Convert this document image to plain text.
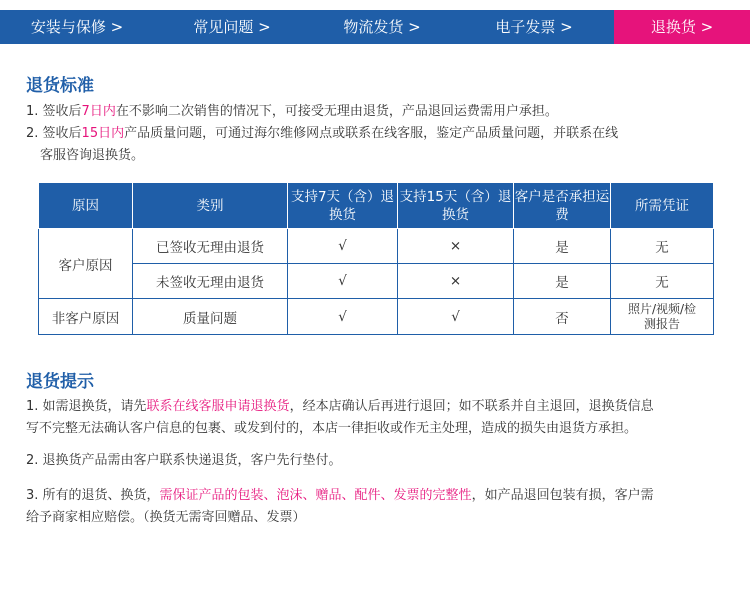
安装与保修 >	常见问题 >	物流发货 >	电子发票 >	退换货 >
退货标准
1. 签收后7日内在不影响二次销售的情况下，可接受无理由退货，产品退回运费需用户承担。
2. 签收后15日内产品质量问题，可通过海尔维修网点或联系在线客服，鉴定产品质量问题，并联系在线
客服咨询退换货。
原因	类别	支持7天（含）退换货	支持15天（含）退换货	客户是否承担运费	所需凭证
客户原因	已签收无理由退货	√	×	是	无
	未签收无理由退货	√	×	是	无
非客户原因	质量问题	√	√	否	照片/视频/检测报告
退货提示
1. 如需退换货，请先联系在线客服申请退换货，经本店确认后再进行退回；如不联系并自主退回，退换货信息
写不完整无法确认客户信息的包裹、或发到付的，本店一律拒收或作无主处理，造成的损失由退货方承担。
2. 退换货产品需由客户联系快递退货，客户先行垫付。
3. 所有的退货、换货，需保证产品的包装、泡沫、赠品、配件、发票的完整性，如产品退回包装有损，客户需
给予商家相应赔偿。（换货无需寄回赠品、发票）
